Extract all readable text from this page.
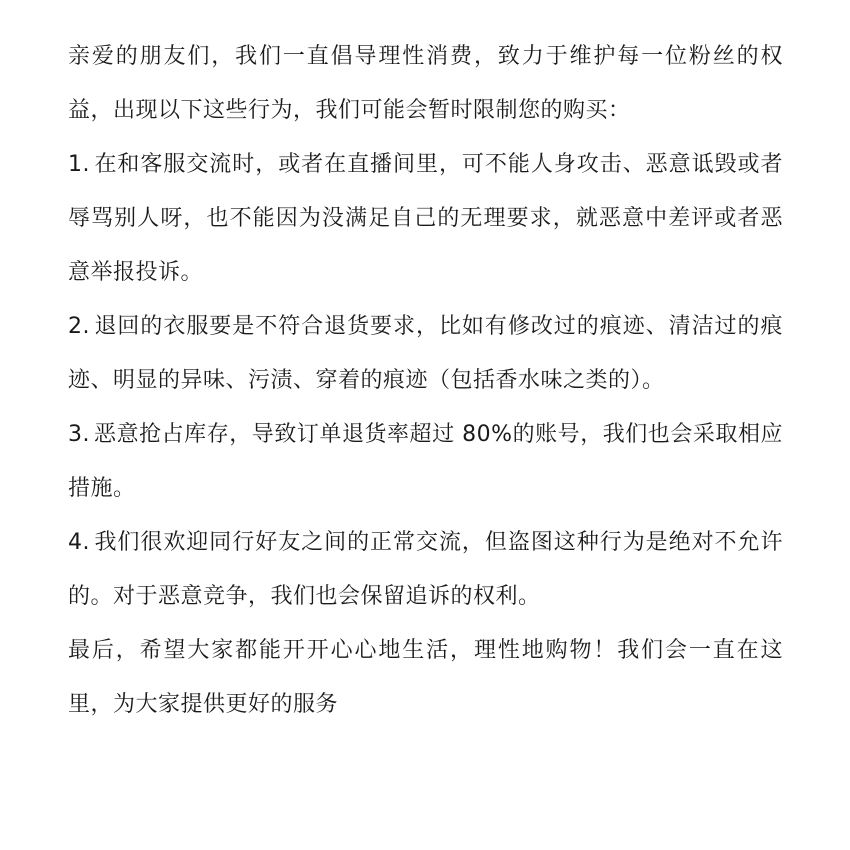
亲爱的朋友们，我们一直倡导理性消费，致力于维护每一位粉丝的权益，出现以下这些行为，我们可能会暂时限制您的购买：

1. 在和客服交流时，或者在直播间里，可不能人身攻击、恶意诋毁或者辱骂别人呀，也不能因为没满足自己的无理要求，就恶意中差评或者恶意举报投诉。

2. 退回的衣服要是不符合退货要求，比如有修改过的痕迹、清洁过的痕迹、明显的异味、污渍、穿着的痕迹（包括香水味之类的）。

3. 恶意抢占库存，导致订单退货率超过 80%的账号，我们也会采取相应措施。

4. 我们很欢迎同行好友之间的正常交流，但盗图这种行为是绝对不允许的。对于恶意竞争，我们也会保留追诉的权利。

最后，希望大家都能开开心心地生活，理性地购物！我们会一直在这里，为大家提供更好的服务
